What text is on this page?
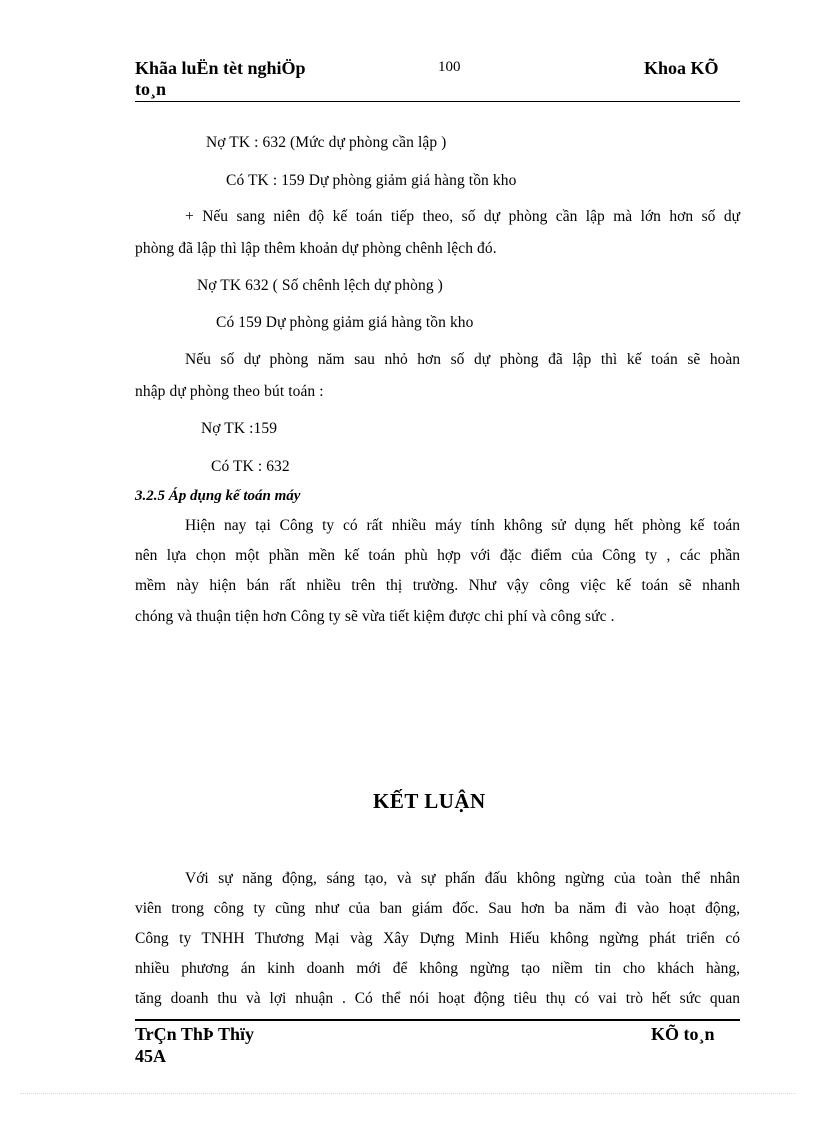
Khãa luËn tèt nghiÖp
to¸n
100	Khoa KÕ
Nợ TK : 632 (Mức dự phòng cần lập )
Có TK : 159 Dự phòng giảm giá hàng tồn kho
+ Nếu sang niên độ kế toán tiếp theo, số dự phòng cần lập mà lớn hơn số dự
phòng đã lập thì lập thêm khoản dự phòng chênh lệch đó.
Nợ TK 632 ( Số chênh lệch dự phòng )
Có 159 Dự phòng giảm giá hàng tồn kho
Nếu số dự phòng năm sau nhỏ hơn số dự phòng đã lập thì kế toán sẽ hoàn
nhập dự phòng theo bút toán :
Nợ TK :159
Có TK : 632
3.2.5 Áp dụng kế toán máy
Hiện nay tại Công ty có rất nhiều máy tính không sử dụng hết phòng kế toán
nên lựa chọn một phần mền kế toán phù hợp với đặc điểm của Công ty , các phần
mềm này hiện bán rất nhiều trên thị trường. Như vậy công việc kế toán sẽ nhanh
chóng và thuận tiện hơn Công ty sẽ vừa tiết kiệm được chi phí và công sức .
KẾT LUẬN
Với sự năng động, sáng tạo, và sự phấn đấu không ngừng của toàn thể nhân
viên trong công ty cũng như của ban giám đốc. Sau hơn ba năm đi vào hoạt động,
Công ty TNHH Thương Mại vàg Xây Dựng Minh Hiếu không ngừng phát triển có
nhiều phương án kinh doanh mới để không ngừng tạo niềm tin cho khách hàng,
tăng doanh thu và lợi nhuận . Có thể nói hoạt động tiêu thụ có vai trò hết sức quan
TrÇn ThÞ Thïy
45A
KÕ to¸n
